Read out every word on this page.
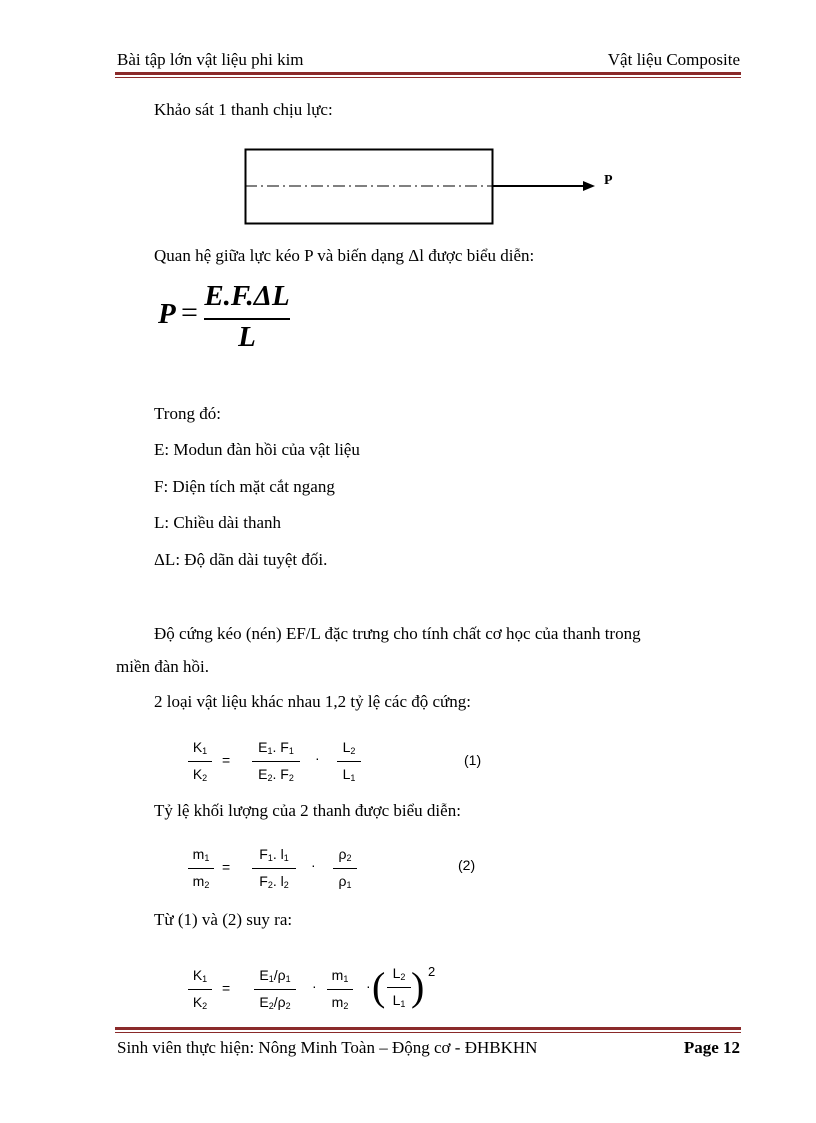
Bài tập lớn vật liệu phi kim	Vật liệu Composite
Khảo sát 1 thanh chịu lực:
P
Quan hệ giữa lực kéo P và biến dạng Δl được biểu diễn:
P = E.F.ΔL
L
Trong đó:
E: Modun đàn hồi của vật liệu
F: Diện tích mặt cắt ngang
L: Chiều dài thanh
ΔL: Độ dãn dài tuyệt đối.
Độ cứng kéo (nén) EF/L đặc trưng cho tính chất cơ học của thanh trong
miền đàn hồi.
2 loại vật liệu khác nhau 1,2 tỷ lệ các độ cứng:
$K_1$
$K_2$
=
$E_1$. $F_1$
$E_2$. $F_2$
·
$L_2$
$L_1$
(1)
Tỷ lệ khối lượng của 2 thanh được biểu diễn:
$m_1$
$m_2$
=
$F_1$. $l_1$
$F_2$. $l_2$
·
$\rho_2$
$\rho_1$
(2)
Từ (1) và (2) suy ra:
$K_1$
$K_2$
=
$E_1/\rho_1$
$E_2/\rho_2$
·
$m_1$
$m_2$
· ( $L_2$
$L_1$ ) 2
Sinh viên thực hiện: Nông Minh Toàn – Động cơ - ĐHBKHN	Page 12
